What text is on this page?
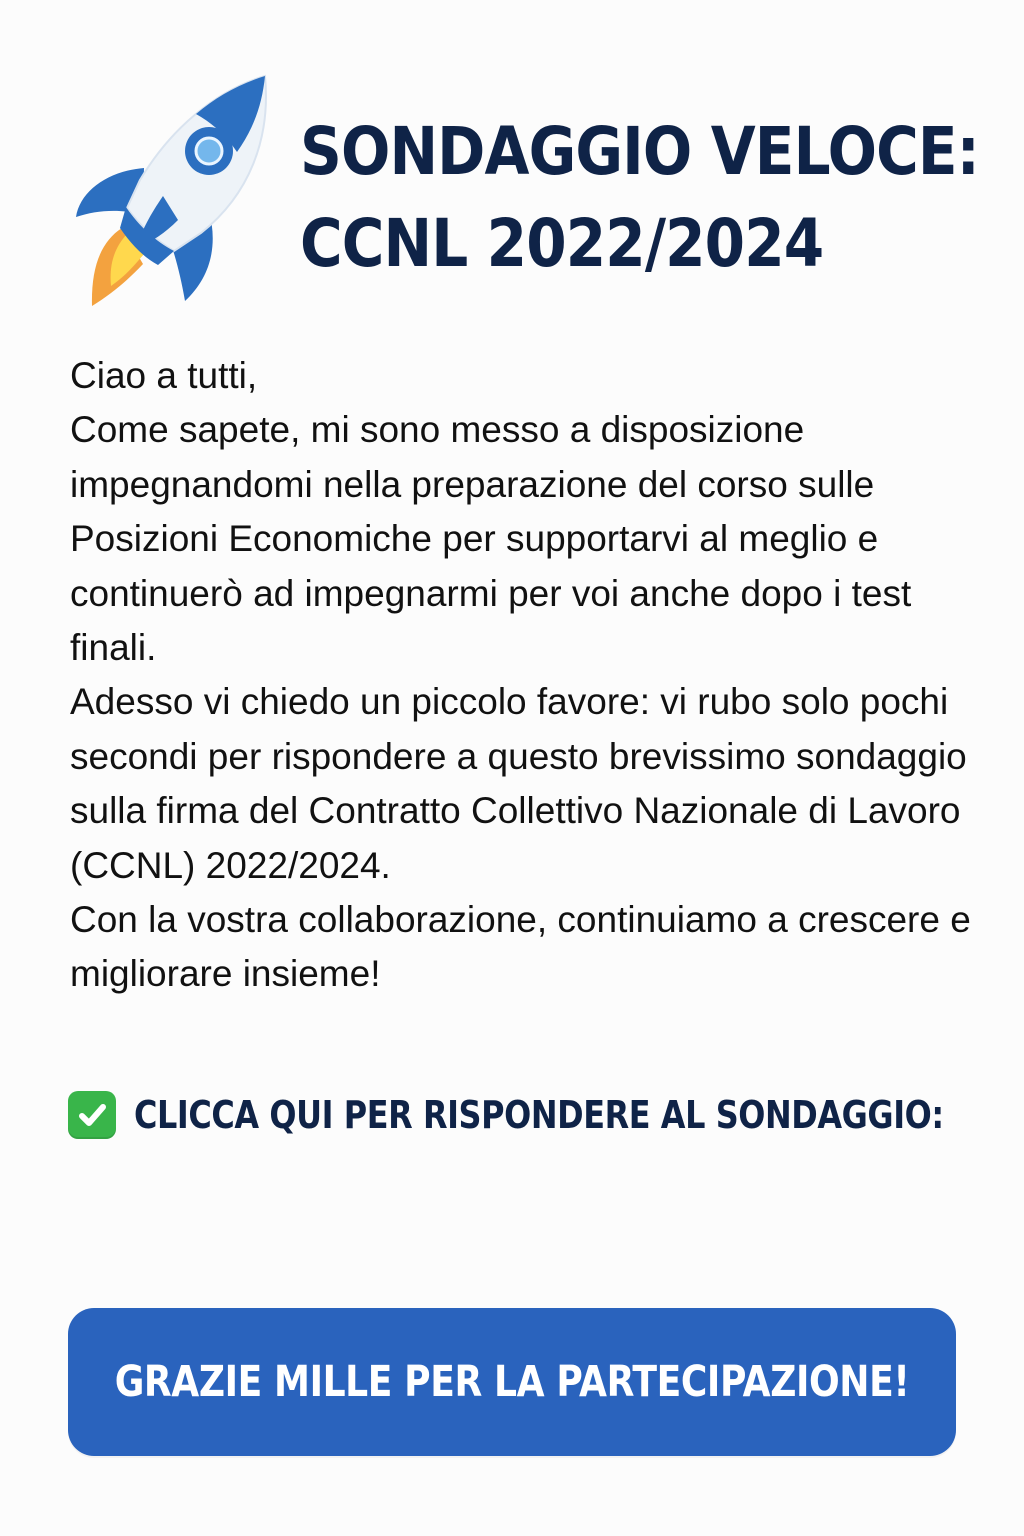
SONDAGGIO VELOCE:
CCNL 2022/2024

Ciao a tutti,

Come sapete, mi sono messo a disposizione impegnandomi nella preparazione del corso sulle Posizioni Economiche per supportarvi al meglio e continuerò ad impegnarmi per voi anche dopo i test finali.

Adesso vi chiedo un piccolo favore: vi rubo solo pochi secondi per rispondere a questo brevissimo sondaggio sulla firma del Contratto Collettivo Nazionale di Lavoro (CCNL) 2022/2024.

Con la vostra collaborazione, continuiamo a crescere e migliorare insieme!

CLICCA QUI PER RISPONDERE AL SONDAGGIO:
GRAZIE MILLE PER LA PARTECIPAZIONE!
